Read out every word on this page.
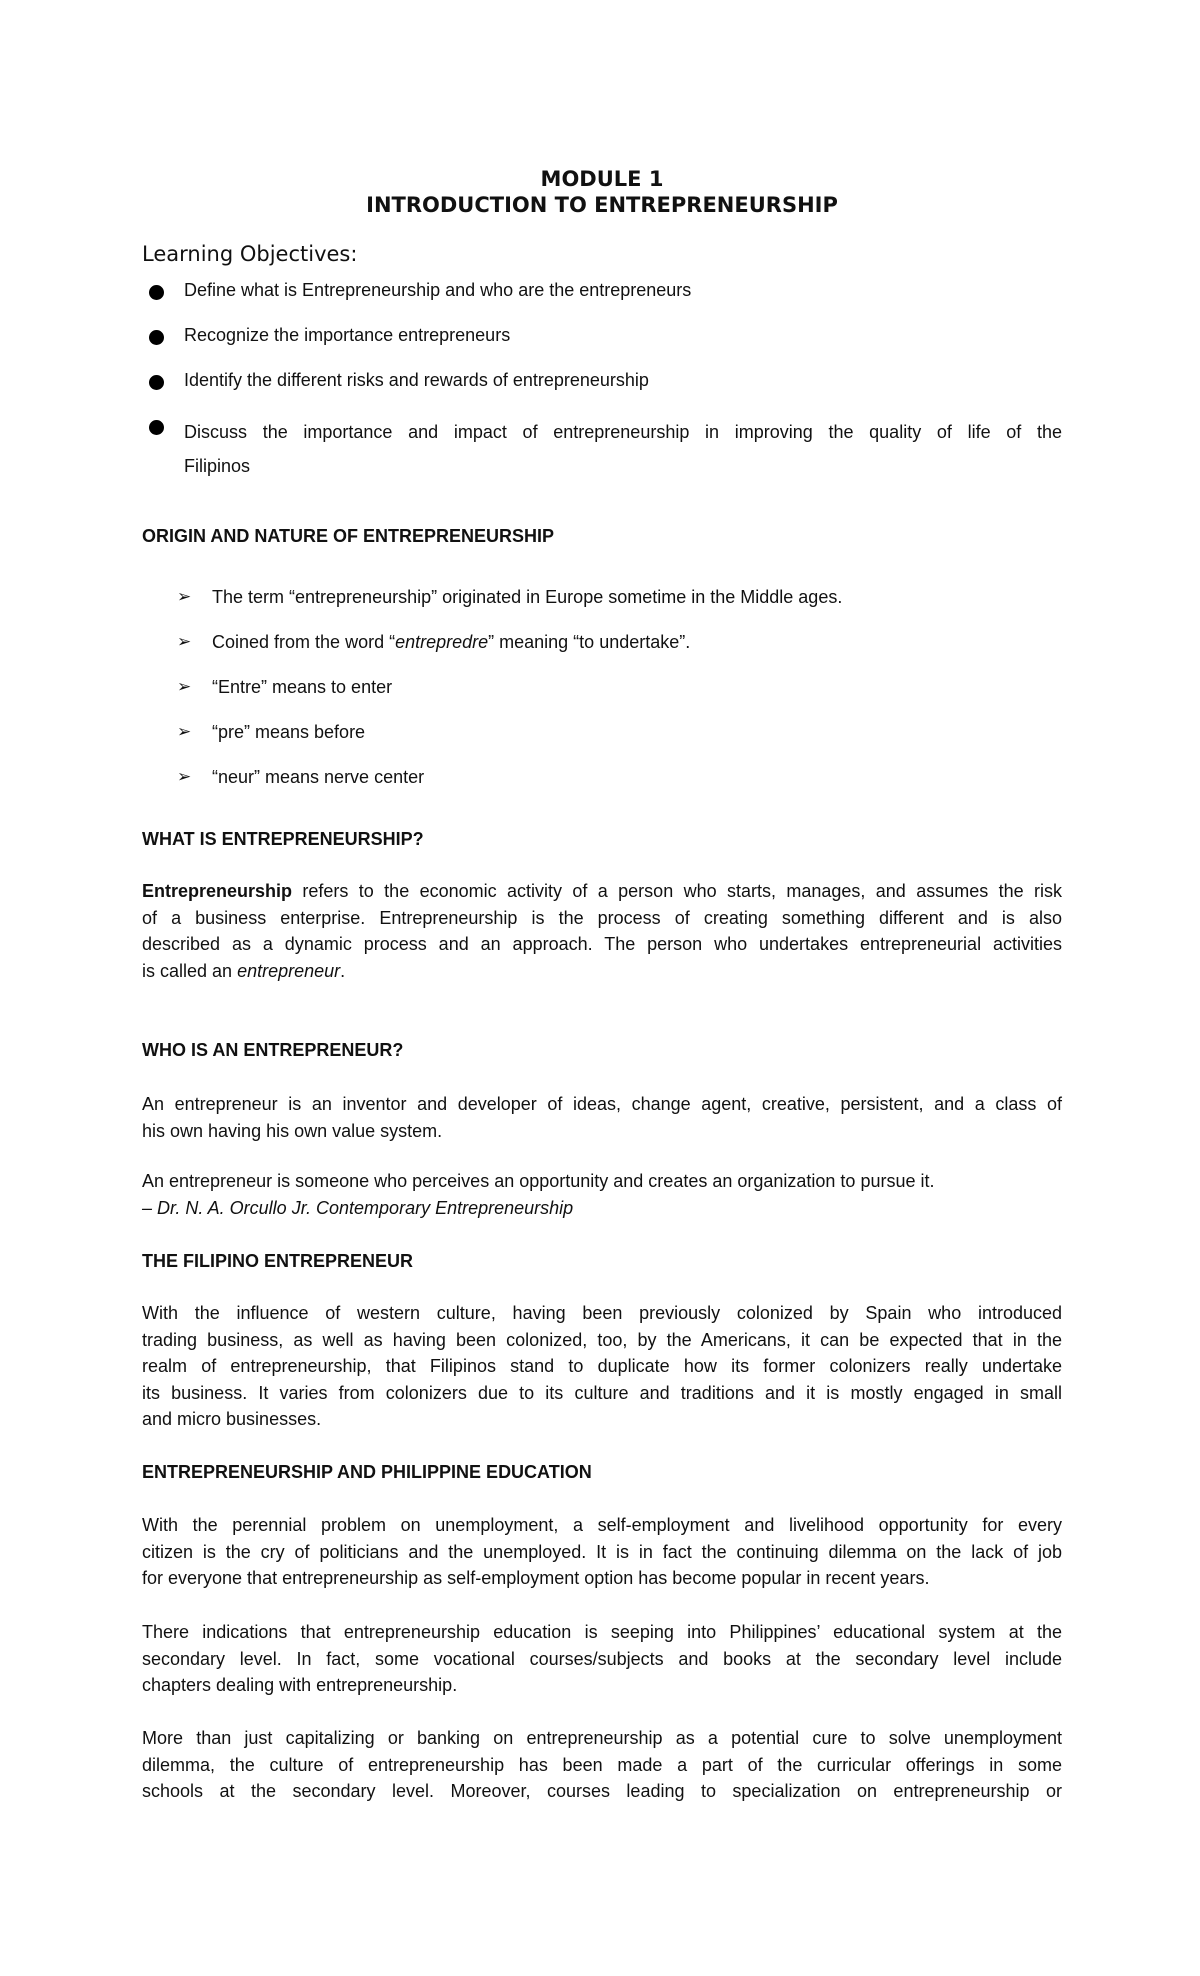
MODULE 1
INTRODUCTION TO ENTREPRENEURSHIP
Learning Objectives:
Define what is Entrepreneurship and who are the entrepreneurs
Recognize the importance entrepreneurs
Identify the different risks and rewards of entrepreneurship
Discuss the importance and impact of entrepreneurship in improving the quality of life of the
Filipinos
ORIGIN AND NATURE OF ENTREPRENEURSHIP
➢ The term “entrepreneurship” originated in Europe sometime in the Middle ages.
➢ Coined from the word “entrepredre” meaning “to undertake”.
➢ “Entre” means to enter
➢ “pre” means before
➢ “neur” means nerve center
WHAT IS ENTREPRENEURSHIP?
Entrepreneurship refers to the economic activity of a person who starts, manages, and assumes the risk
of a business enterprise. Entrepreneurship is the process of creating something different and is also
described as a dynamic process and an approach. The person who undertakes entrepreneurial activities
is called an entrepreneur.
WHO IS AN ENTREPRENEUR?
An entrepreneur is an inventor and developer of ideas, change agent, creative, persistent, and a class of
his own having his own value system.
An entrepreneur is someone who perceives an opportunity and creates an organization to pursue it.
– Dr. N. A. Orcullo Jr. Contemporary Entrepreneurship
THE FILIPINO ENTREPRENEUR
With the influence of western culture, having been previously colonized by Spain who introduced
trading business, as well as having been colonized, too, by the Americans, it can be expected that in the
realm of entrepreneurship, that Filipinos stand to duplicate how its former colonizers really undertake
its business. It varies from colonizers due to its culture and traditions and it is mostly engaged in small
and micro businesses.
ENTREPRENEURSHIP AND PHILIPPINE EDUCATION
With the perennial problem on unemployment, a self-employment and livelihood opportunity for every
citizen is the cry of politicians and the unemployed. It is in fact the continuing dilemma on the lack of job
for everyone that entrepreneurship as self-employment option has become popular in recent years.
There indications that entrepreneurship education is seeping into Philippines’ educational system at the
secondary level. In fact, some vocational courses/subjects and books at the secondary level include
chapters dealing with entrepreneurship.
More than just capitalizing or banking on entrepreneurship as a potential cure to solve unemployment
dilemma, the culture of entrepreneurship has been made a part of the curricular offerings in some
schools at the secondary level. Moreover, courses leading to specialization on entrepreneurship or
